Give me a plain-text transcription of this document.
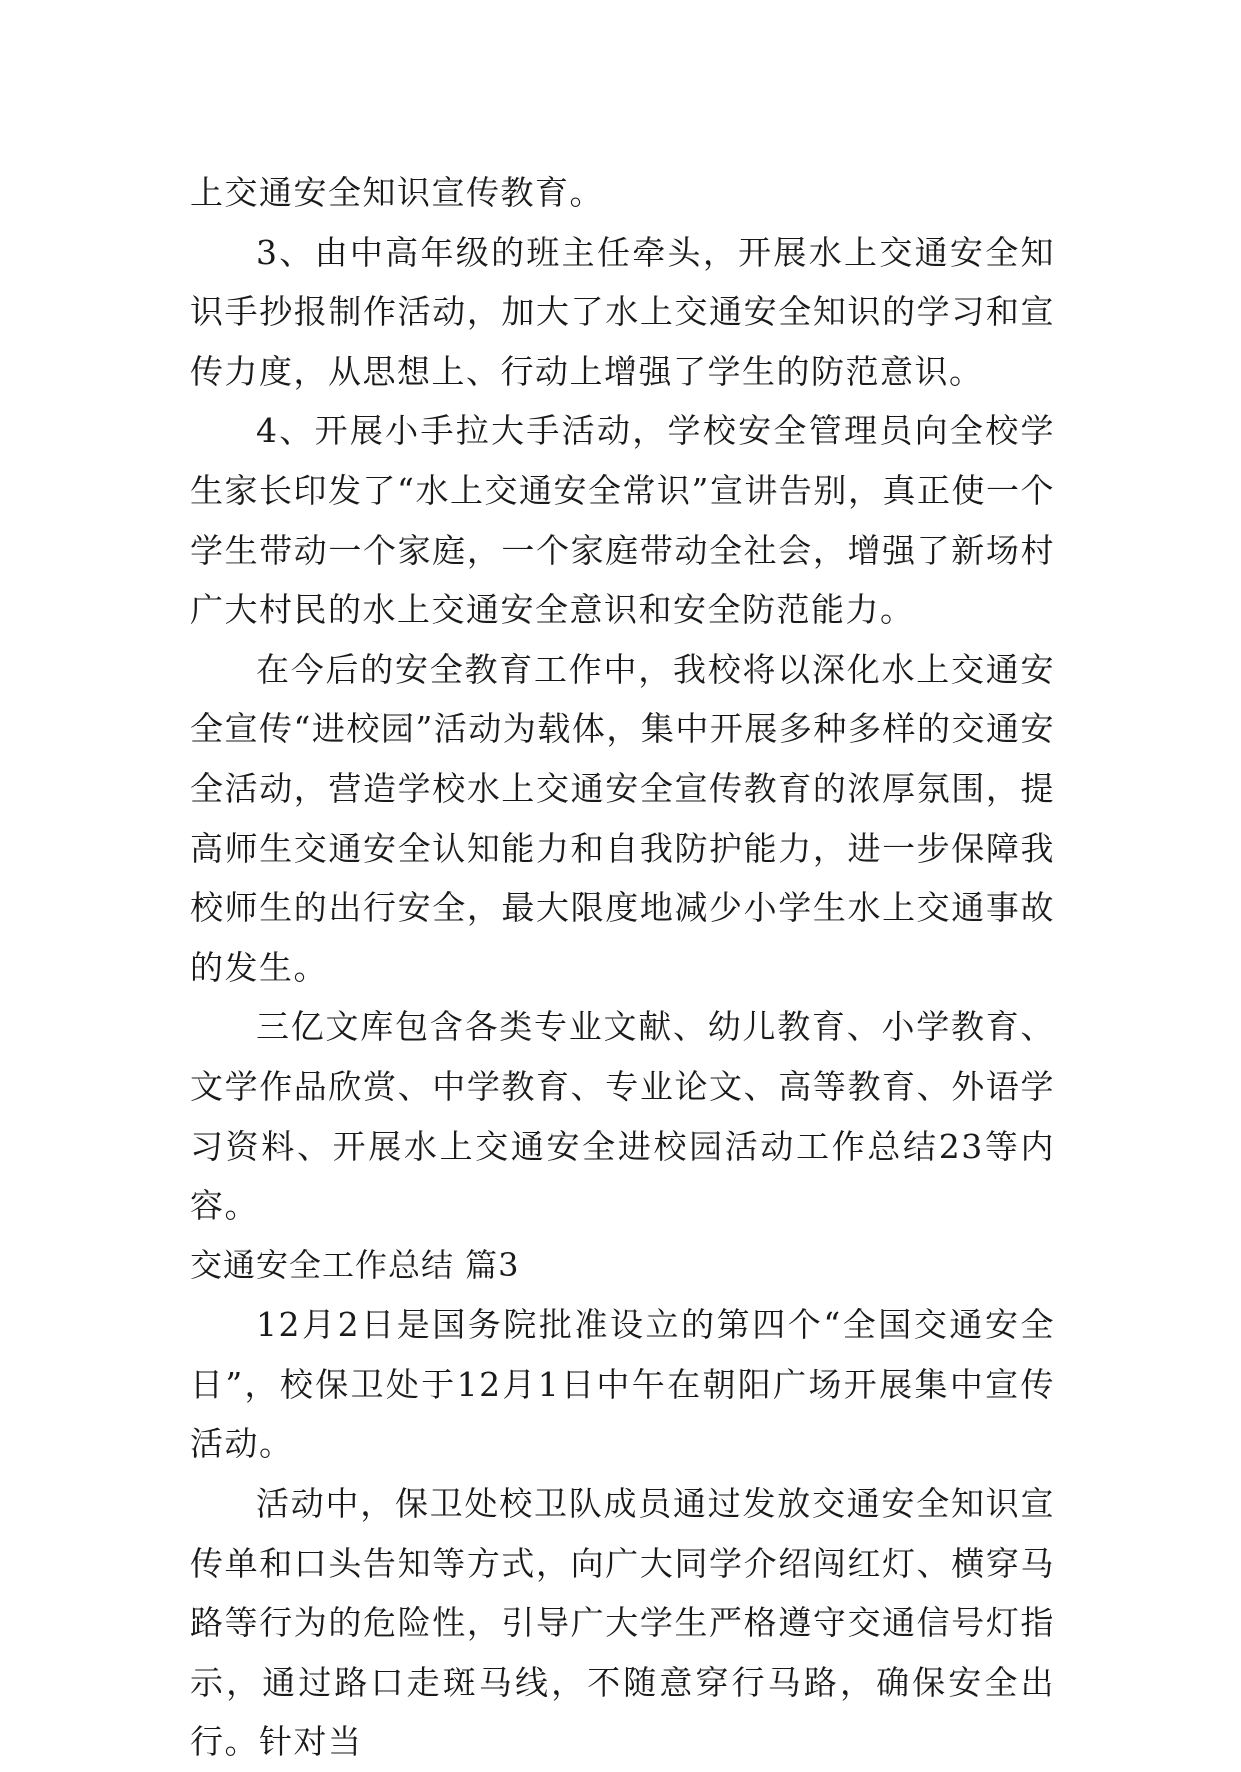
上交通安全知识宣传教育。

3、由中高年级的班主任牵头，开展水上交通安全知识手抄报制作活动，加大了水上交通安全知识的学习和宣传力度，从思想上、行动上增强了学生的防范意识。

4、开展小手拉大手活动，学校安全管理员向全校学生家长印发了“水上交通安全常识”宣讲告别，真正使一个学生带动一个家庭，一个家庭带动全社会，增强了新场村广大村民的水上交通安全意识和安全防范能力。

在今后的安全教育工作中，我校将以深化水上交通安全宣传“进校园”活动为载体，集中开展多种多样的交通安全活动，营造学校水上交通安全宣传教育的浓厚氛围，提高师生交通安全认知能力和自我防护能力，进一步保障我校师生的出行安全，最大限度地减少小学生水上交通事故的发生。

三亿文库包含各类专业文献、幼儿教育、小学教育、文学作品欣赏、中学教育、专业论文、高等教育、外语学习资料、开展水上交通安全进校园活动工作总结23等内容。

交通安全工作总结 篇3

12月2日是国务院批准设立的第四个“全国交通安全日”，校保卫处于12月1日中午在朝阳广场开展集中宣传活动。

活动中，保卫处校卫队成员通过发放交通安全知识宣传单和口头告知等方式，向广大同学介绍闯红灯、横穿马路等行为的危险性，引导广大学生严格遵守交通信号灯指示，通过路口走斑马线，不随意穿行马路，确保安全出行。针对当
